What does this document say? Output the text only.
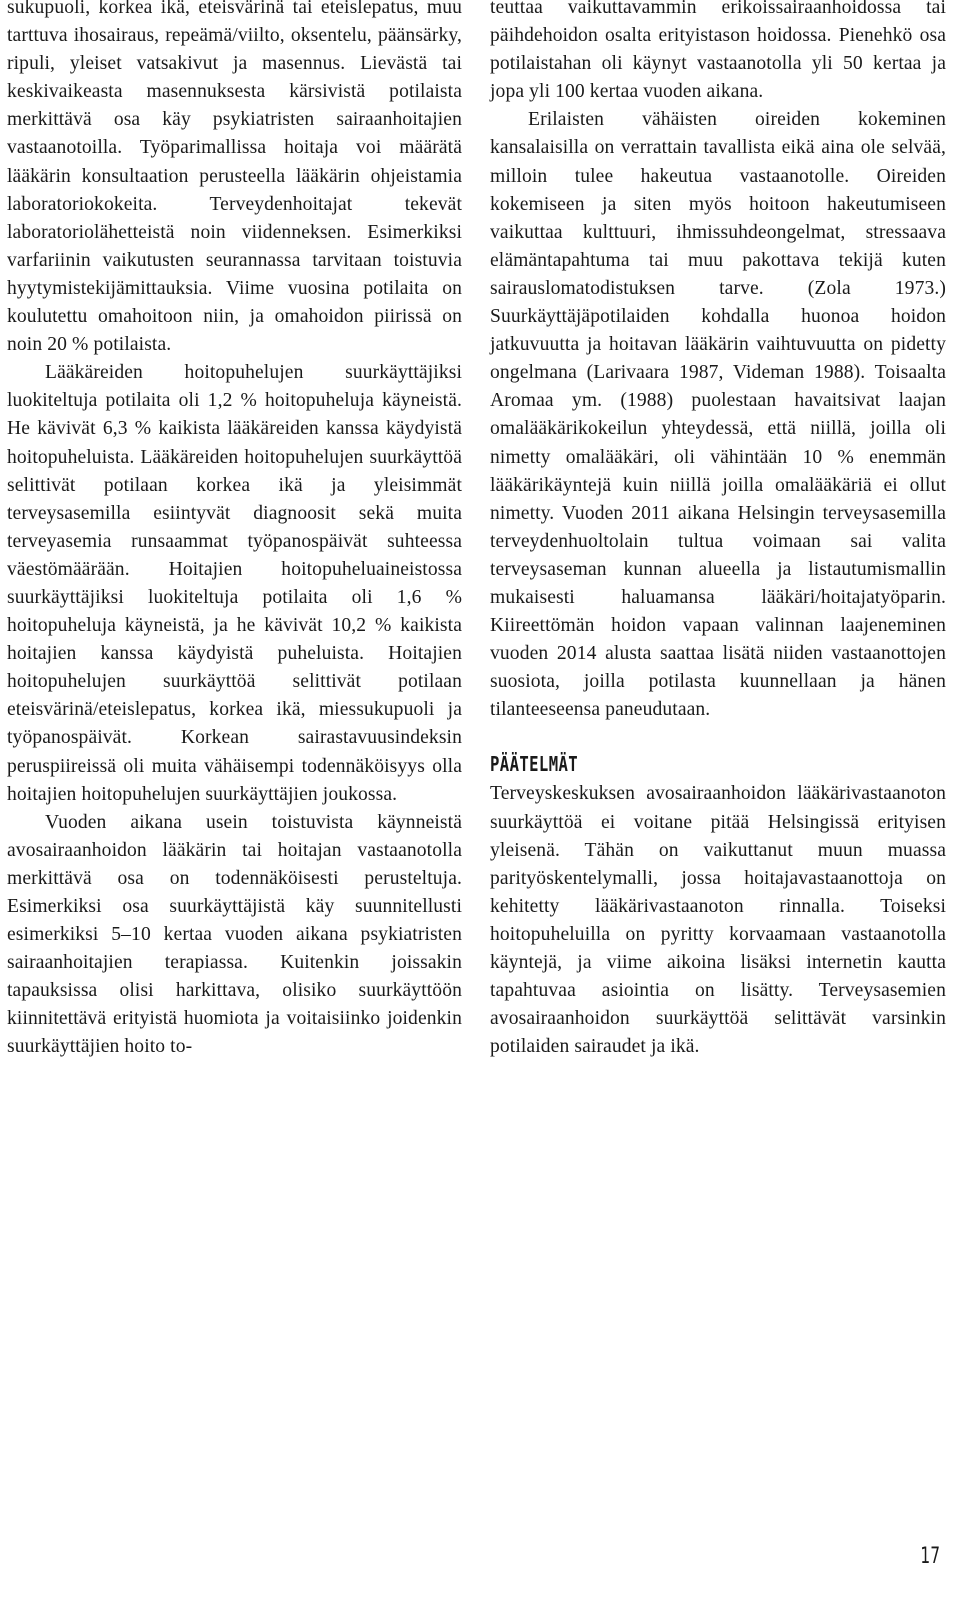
sukupuoli, korkea ikä, eteisvärinä tai eteislepatus, muu tarttuva ihosairaus, repeämä/viilto, oksentelu, päänsärky, ripuli, yleiset vatsakivut ja masennus. Lievästä tai keskivaikeasta masennuksesta kärsivistä potilaista merkittävä osa käy psykiatristen sairaanhoitajien vastaanotoilla. Työparimallissa hoitaja voi määrätä lääkärin konsultaation perusteella lääkärin ohjeistamia laboratoriokokeita. Terveydenhoitajat tekevät laboratoriolähetteistä noin viidenneksen. Esimerkiksi varfariinin vaikutusten seurannassa tarvitaan toistuvia hyytymistekijämittauksia. Viime vuosina potilaita on koulutettu omahoitoon niin, ja omahoidon piirissä on noin 20 % potilaista.

Lääkäreiden hoitopuhelujen suurkäyttäjiksi luokiteltuja potilaita oli 1,2 % hoitopuheluja käyneistä. He kävivät 6,3 % kaikista lääkäreiden kanssa käydyistä hoitopuheluista. Lääkäreiden hoitopuhelujen suurkäyttöä selittivät potilaan korkea ikä ja yleisimmät terveysasemilla esiintyvät diagnoosit sekä muita terveyasemia runsaammat työpanospäivät suhteessa väestömäärään. Hoitajien hoitopuheluaineistossa suurkäyttäjiksi luokiteltuja potilaita oli 1,6 % hoitopuheluja käyneistä, ja he kävivät 10,2 % kaikista hoitajien kanssa käydyistä puheluista. Hoitajien hoitopuhelujen suurkäyttöä selittivät potilaan eteisvärinä/eteislepatus, korkea ikä, miessukupuoli ja työpanospäivät. Korkean sairastavuusindeksin peruspiireissä oli muita vähäisempi todennäköisyys olla hoitajien hoitopuhelujen suurkäyttäjien joukossa.

Vuoden aikana usein toistuvista käynneistä avosairaanhoidon lääkärin tai hoitajan vastaanotolla merkittävä osa on todennäköisesti perusteltuja. Esimerkiksi osa suurkäyttäjistä käy suunnitellusti esimerkiksi 5–10 kertaa vuoden aikana psykiatristen sairaanhoitajien terapiassa. Kuitenkin joissakin tapauksissa olisi harkittava, olisiko suurkäyttöön kiinnitettävä erityistä huomiota ja voitaisiinko joidenkin suurkäyttäjien hoito to-

teuttaa vaikuttavammin erikoissairaanhoidossa tai päihdehoidon osalta erityistason hoidossa. Pienehkö osa potilaistahan oli käynyt vastaanotolla yli 50 kertaa ja jopa yli 100 kertaa vuoden aikana.

Erilaisten vähäisten oireiden kokeminen kansalaisilla on verrattain tavallista eikä aina ole selvää, milloin tulee hakeutua vastaanotolle. Oireiden kokemiseen ja siten myös hoitoon hakeutumiseen vaikuttaa kulttuuri, ihmissuhdeongelmat, stressaava elämäntapahtuma tai muu pakottava tekijä kuten sairauslomatodistuksen tarve. (Zola 1973.) Suurkäyttäjäpotilaiden kohdalla huonoa hoidon jatkuvuutta ja hoitavan lääkärin vaihtuvuutta on pidetty ongelmana (Larivaara 1987, Videman 1988). Toisaalta Aromaa ym. (1988) puolestaan havaitsivat laajan omalääkärikokeilun yhteydessä, että niillä, joilla oli nimetty omalääkäri, oli vähintään 10 % enemmän lääkärikäyntejä kuin niillä joilla omalääkäriä ei ollut nimetty. Vuoden 2011 aikana Helsingin terveysasemilla terveydenhuoltolain tultua voimaan sai valita terveysaseman kunnan alueella ja listautumismallin mukaisesti haluamansa lääkäri/hoitajatyöparin. Kiireettömän hoidon vapaan valinnan laajeneminen vuoden 2014 alusta saattaa lisätä niiden vastaanottojen suosiota, joilla potilasta kuunnellaan ja hänen tilanteeseensa paneudutaan.

PÄÄTELMÄT

Terveyskeskuksen avosairaanhoidon lääkärivastaanoton suurkäyttöä ei voitane pitää Helsingissä erityisen yleisenä. Tähän on vaikuttanut muun muassa parityöskentelymalli, jossa hoitajavastaanottoja on kehitetty lääkärivastaanoton rinnalla. Toiseksi hoitopuheluilla on pyritty korvaamaan vastaanotolla käyntejä, ja viime aikoina lisäksi internetin kautta tapahtuvaa asiointia on lisätty. Terveysasemien avosairaanhoidon suurkäyttöä selittävät varsinkin potilaiden sairaudet ja ikä.

17
